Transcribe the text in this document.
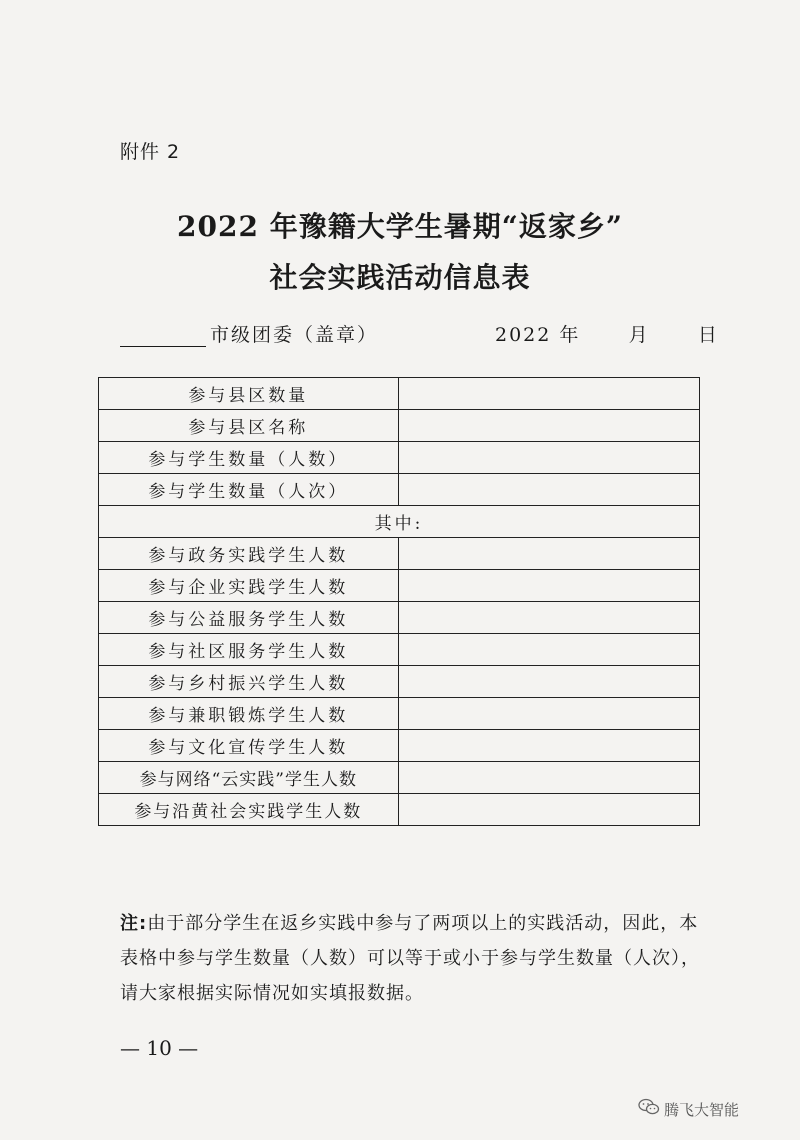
附件 2
2022 年豫籍大学生暑期“返家乡”
社会实践活动信息表
市级团委（盖章）	2022 年      月      日
参与县区数量	
参与县区名称	
参与学生数量（人数）	
参与学生数量（人次）	
其中:	
参与政务实践学生人数	
参与企业实践学生人数	
参与公益服务学生人数	
参与社区服务学生人数	
参与乡村振兴学生人数	
参与兼职锻炼学生人数	
参与文化宣传学生人数	
参与网络“云实践”学生人数	
参与沿黄社会实践学生人数	
注:由于部分学生在返乡实践中参与了两项以上的实践活动，因此，本表格中参与学生数量（人数）可以等于或小于参与学生数量（人次），请大家根据实际情况如实填报数据。
— 10 —
腾飞大智能
